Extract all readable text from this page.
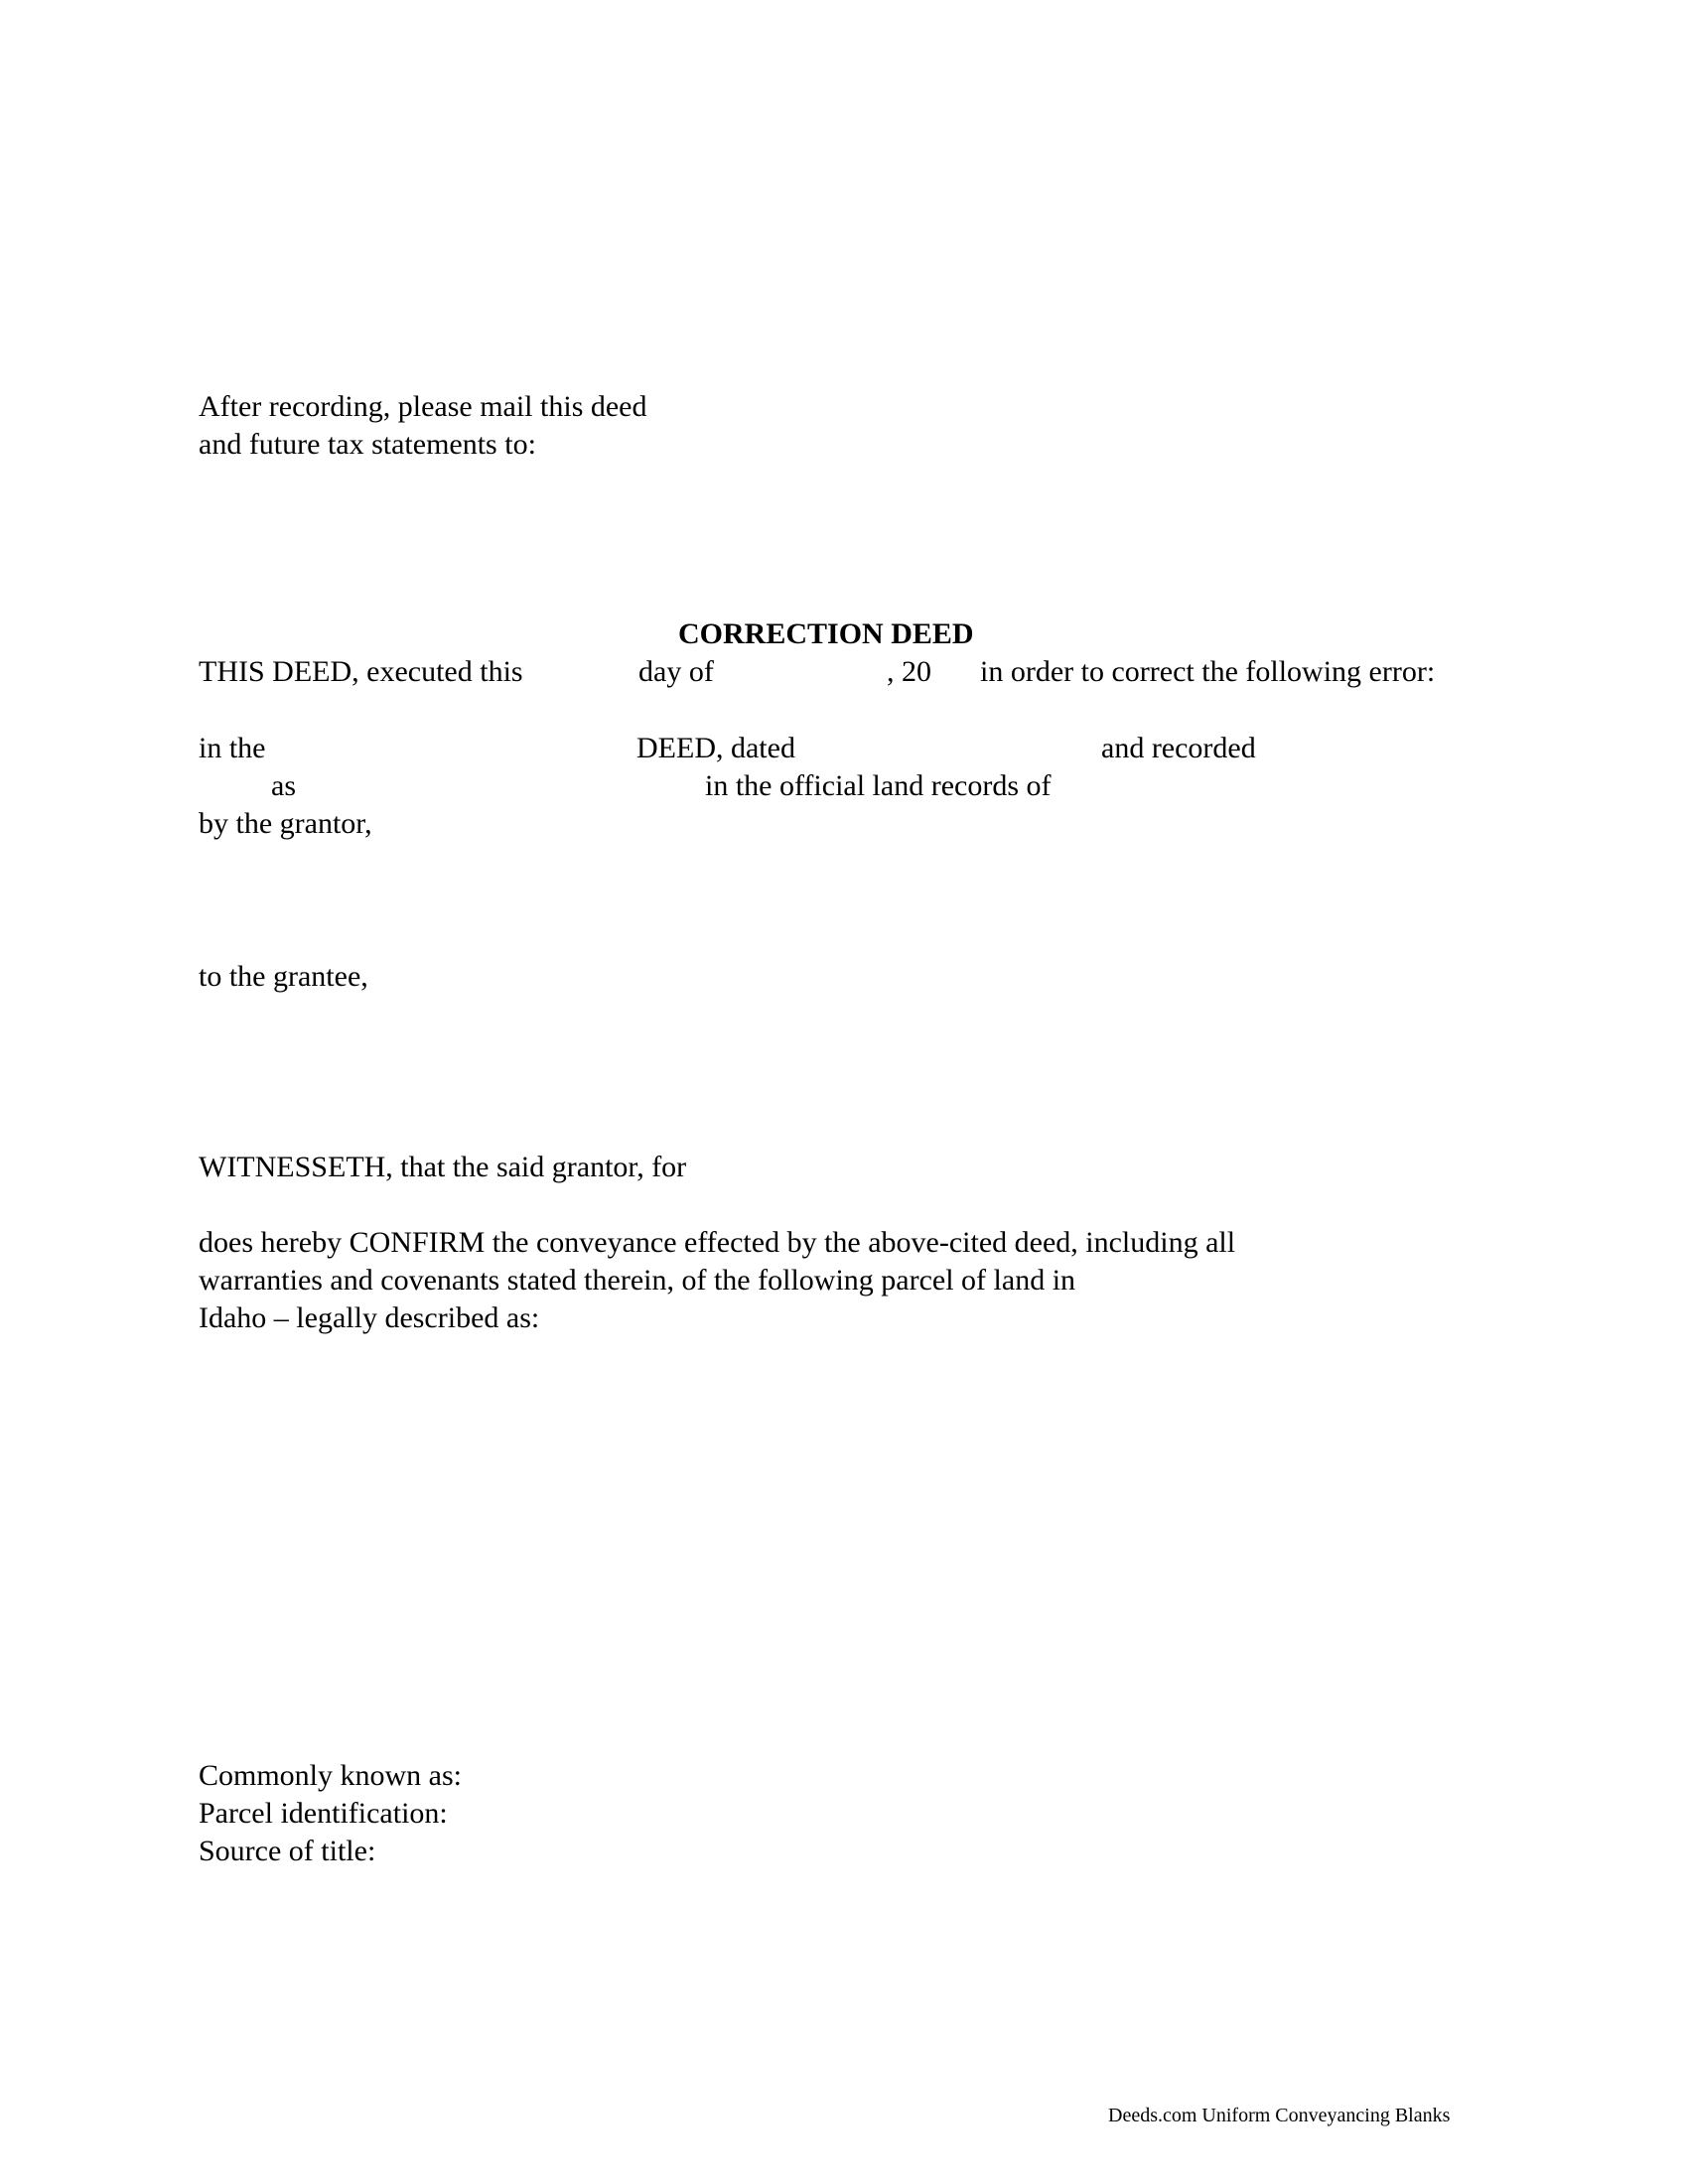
After recording, please mail this deed
and future tax statements to:
CORRECTION DEED
THIS DEED, executed this	day of	, 20 in order to correct the following error:
in the	DEED, dated	and recorded
as	in the official land records of
by the grantor,
to the grantee,
WITNESSETH, that the said grantor, for
does hereby CONFIRM the conveyance effected by the above-cited deed, including all
warranties and covenants stated therein, of the following parcel of land in
Idaho – legally described as:
Commonly known as:
Parcel identification:
Source of title:
Deeds.com Uniform Conveyancing Blanks
